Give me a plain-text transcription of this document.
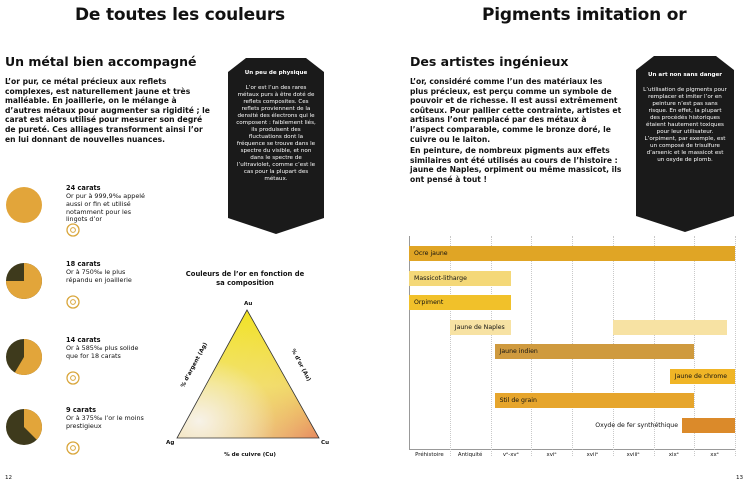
De toutes les couleurs
Un métal bien accompagné
L’or pur, ce métal précieux aux reflets complexes, est naturellement jaune et très malléable. En joaillerie, on le mélange à d’autres métaux pour augmenter sa rigidité ; le carat est alors utilisé pour mesurer son degré de pureté. Ces alliages transforment ainsi l’or en lui donnant de nouvelles nuances.
Un peu de physique
L’or est l’un des rares métaux purs à être doté de reflets composites. Ces reflets proviennent de la densité des électrons qui le composent : faiblement liés, ils produisent des fluctuations dont la fréquence se trouve dans le spectre du visible, et non dans le spectre de l’ultraviolet, comme c’est le cas pour la plupart des métaux.
24 carats
Or pur à 999,9‰ appelé aussi or fin et utilisé notamment pour les lingots d’or
18 carats
Or à 750‰ le plus répandu en joaillerie
14 carats
Or à 585‰ plus solide que for 18 carats
9 carats
Or à 375‰ l’or le moins prestigieux
Couleurs de l’or en fonction de sa composition
Au
Ag	Cu
% d’argent (Ag)	% d’or (Au)
% de cuivre (Cu)
12
Pigments imitation or
Des artistes ingénieux
L’or, considéré comme l’un des matériaux les plus précieux, est perçu comme un symbole de pouvoir et de richesse. Il est aussi extrêmement coûteux. Pour pallier cette contrainte, artistes et artisans l’ont remplacé par des métaux à l’aspect comparable, comme le bronze doré, le cuivre ou le laiton.
En peinture, de nombreux pigments aux effets similaires ont été utilisés au cours de l’histoire : jaune de Naples, orpiment ou même massicot, ils ont pensé à tout !
Un art non sans danger
L’utilisation de pigments pour remplacer et imiter l’or en peinture n’est pas sans risque. En effet, la plupart des procédés historiques étaient hautement toxiques pour leur utilisateur. L’orpiment, par exemple, est un composé de trisulfure d’arsenic et le massicot est un oxyde de plomb.
Préhistoire	Antiquité	vᵉ-xvᵉ	xviᵉ	xviiᵉ	xviiiᵉ	xixᵉ	xxᵉ
Ocre jaune
Massicot-litharge
Orpiment
Jaune de Naples
Jaune indien
Jaune de chrome
Stil de grain
Oxyde de fer synthéthique
13
